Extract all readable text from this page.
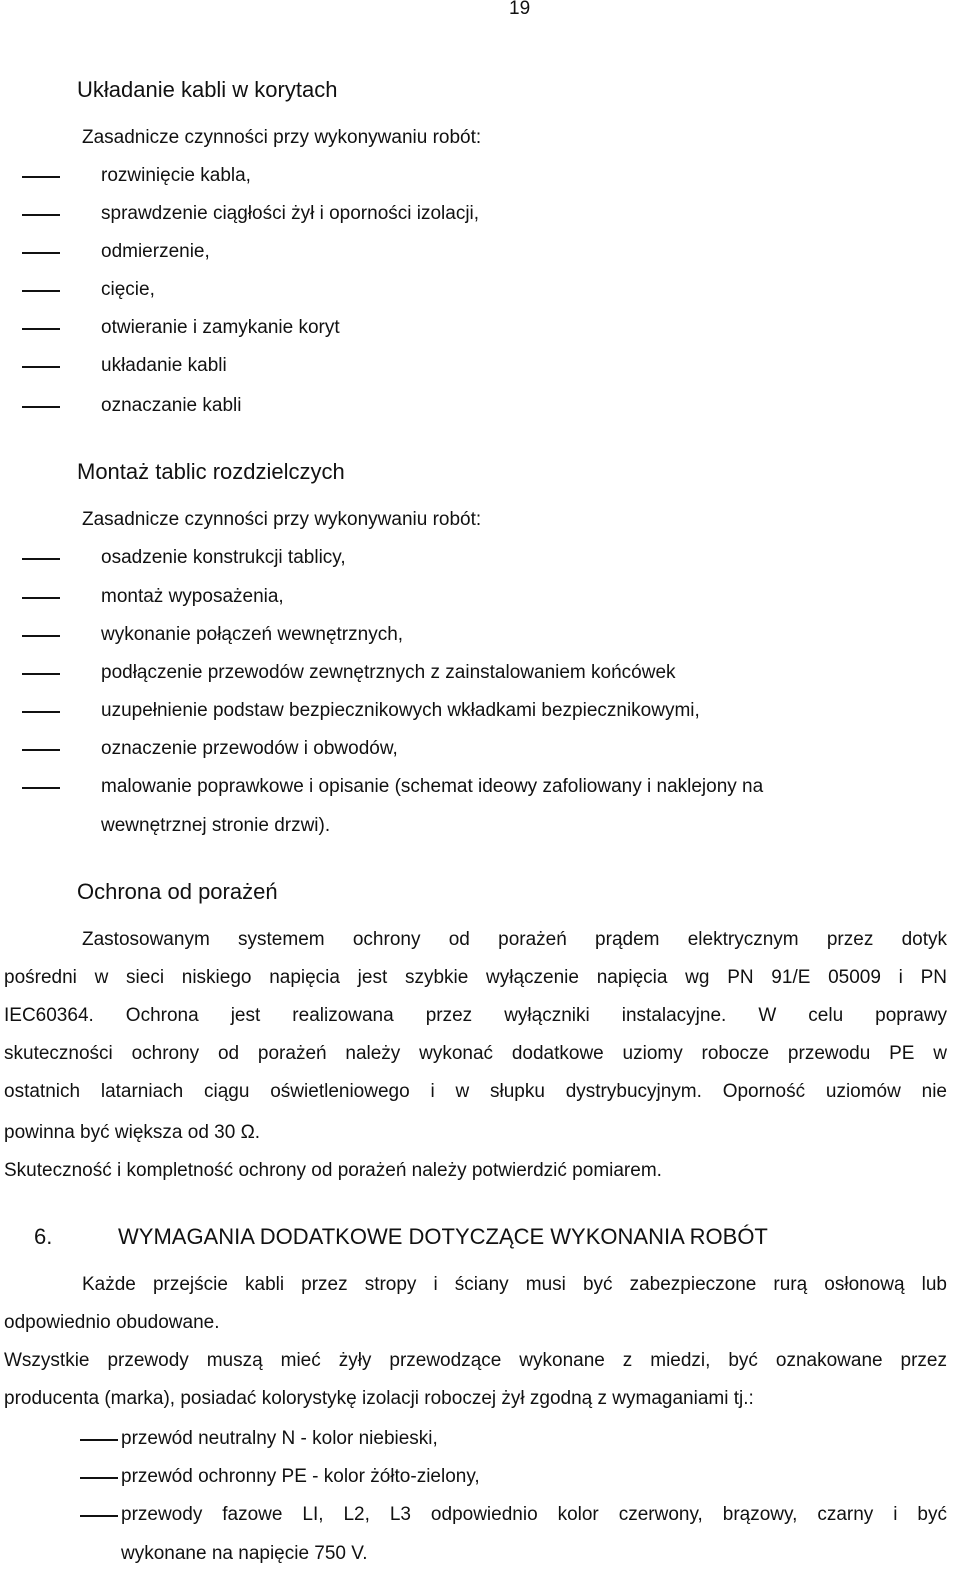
19
Układanie kabli w korytach
Zasadnicze czynności przy wykonywaniu robót:
rozwinięcie kabla,
sprawdzenie ciągłości żył i oporności izolacji,
odmierzenie,
cięcie,
otwieranie i zamykanie koryt
układanie kabli
oznaczanie kabli
Montaż tablic rozdzielczych
Zasadnicze czynności przy wykonywaniu robót:
osadzenie konstrukcji tablicy,
montaż wyposażenia,
wykonanie połączeń wewnętrznych,
podłączenie przewodów zewnętrznych z zainstalowaniem końcówek
uzupełnienie podstaw bezpiecznikowych wkładkami bezpiecznikowymi,
oznaczenie przewodów i obwodów,
malowanie poprawkowe i opisanie (schemat ideowy zafoliowany i naklejony na
wewnętrznej stronie drzwi).
Ochrona od porażeń
Zastosowanym systemem ochrony od porażeń prądem elektrycznym przez dotyk
pośredni w sieci niskiego napięcia jest szybkie wyłączenie napięcia wg PN 91/E 05009 i PN
IEC60364. Ochrona jest realizowana przez wyłączniki instalacyjne. W celu poprawy
skuteczności ochrony od porażeń należy wykonać dodatkowe uziomy robocze przewodu PE w
ostatnich latarniach ciągu oświetleniowego i w słupku dystrybucyjnym. Oporność uziomów nie
powinna być większa od 30 Ω.
Skuteczność i kompletność ochrony od porażeń należy potwierdzić pomiarem.
6.	WYMAGANIA DODATKOWE DOTYCZĄCE WYKONANIA ROBÓT
Każde przejście kabli przez stropy i ściany musi być zabezpieczone rurą osłonową lub
odpowiednio obudowane.
Wszystkie przewody muszą mieć żyły przewodzące wykonane z miedzi, być oznakowane przez
producenta (marka), posiadać kolorystykę izolacji roboczej żył zgodną z wymaganiami tj.:
przewód neutralny N - kolor niebieski,
przewód ochronny PE - kolor żółto-zielony,
przewody fazowe LI, L2, L3 odpowiednio kolor czerwony, brązowy, czarny i być
wykonane na napięcie 750 V.
